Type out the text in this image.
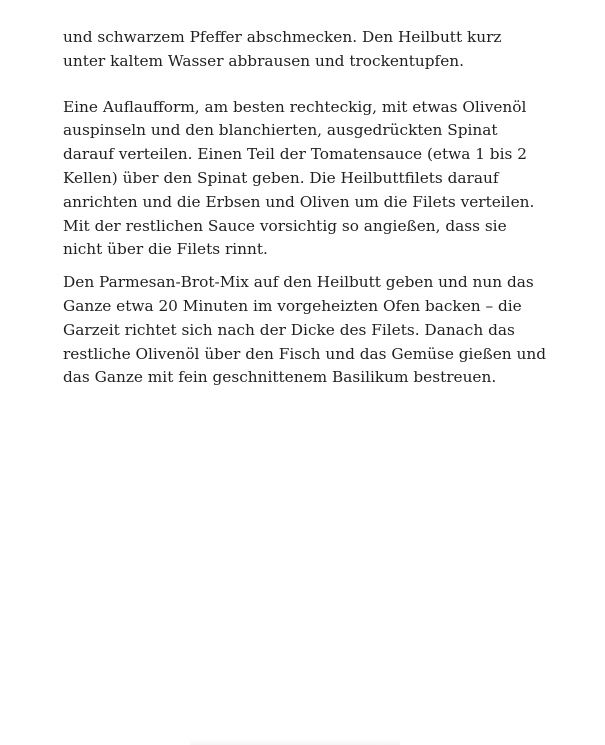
und schwarzem Pfeffer abschmecken. Den Heilbutt kurz unter kaltem Wasser abbrausen und trockentupfen.

Eine Auflaufform, am besten rechteckig, mit etwas Olivenöl auspinseln und den blanchierten, ausgedrückten Spinat darauf verteilen. Einen Teil der Tomatensauce (etwa 1 bis 2 Kellen) über den Spinat geben. Die Heilbuttfilets darauf anrichten und die Erbsen und Oliven um die Filets verteilen. Mit der restlichen Sauce vorsichtig so angießen, dass sie nicht über die Filets rinnt.

Den Parmesan-Brot-Mix auf den Heilbutt geben und nun das Ganze etwa 20 Minuten im vorgeheizten Ofen backen – die Garzeit richtet sich nach der Dicke des Filets. Danach das restliche Olivenöl über den Fisch und das Gemüse gießen und das Ganze mit fein geschnittenem Basilikum bestreuen.
